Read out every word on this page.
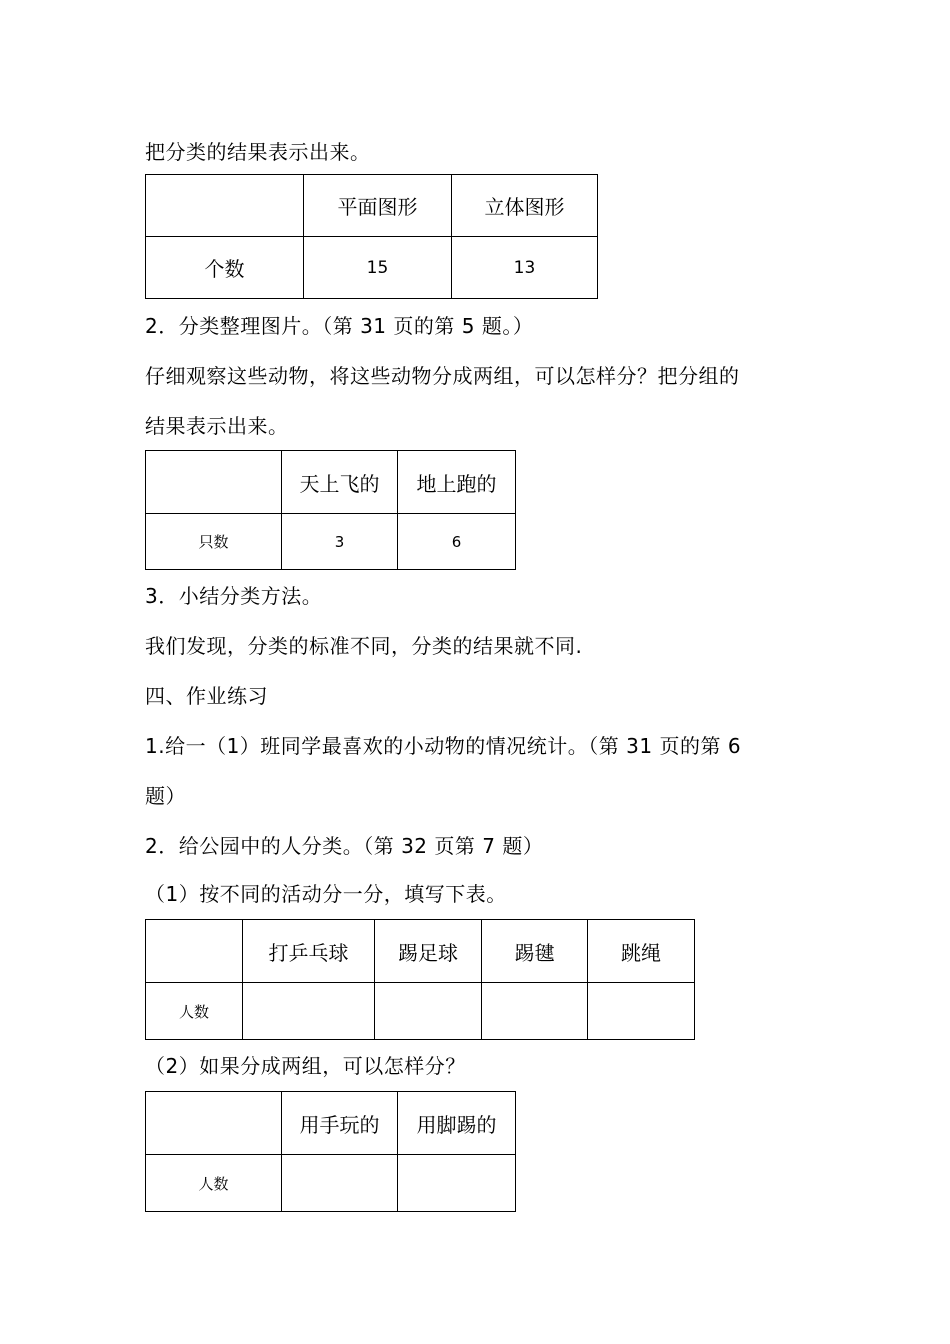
把分类的结果表示出来。
	平面图形	立体图形
个数	15	13
2．分类整理图片。（第 31 页的第 5 题。）
仔细观察这些动物，将这些动物分成两组，可以怎样分？把分组的
结果表示出来。
	天上飞的	地上跑的
只数	3	6
3．小结分类方法。
我们发现，分类的标准不同，分类的结果就不同.
四、作业练习
1.给一（1）班同学最喜欢的小动物的情况统计。（第 31 页的第 6
题）
2．给公园中的人分类。（第 32 页第 7 题）
（1）按不同的活动分一分，填写下表。
	打乒乓球	踢足球	踢毽	跳绳
人数				
（2）如果分成两组，可以怎样分？
	用手玩的	用脚踢的
人数		
